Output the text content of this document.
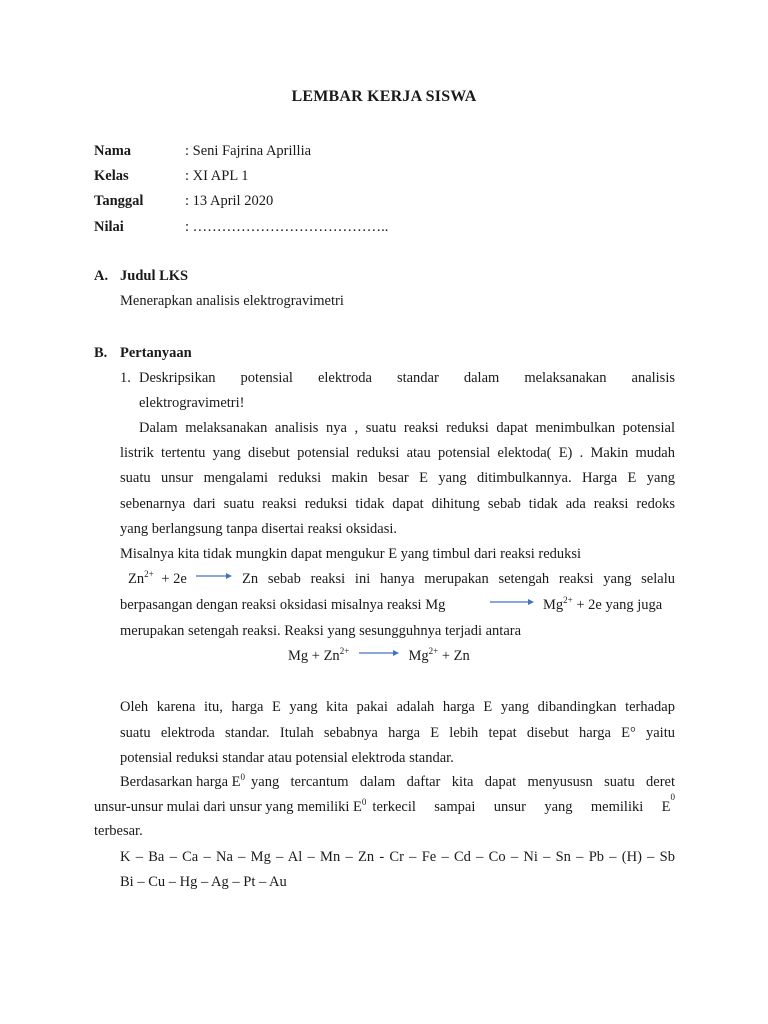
LEMBAR KERJA SISWA
Nama	: Seni Fajrina Aprillia
Kelas	: XI APL 1
Tanggal	: 13 April 2020
Nilai	: …………………………………..
A. Judul LKS
Menerapkan analisis elektrogravimetri
B. Pertanyaan
1. Deskripsikan potensial elektroda standar dalam melaksanakan analisis
elektrogravimetri!
Dalam melaksanakan analisis nya , suatu reaksi reduksi dapat menimbulkan potensial
listrik tertentu yang disebut potensial reduksi atau potensial elektoda( E) . Makin mudah
suatu unsur mengalami reduksi makin besar E yang ditimbulkannya. Harga E yang
sebenarnya dari suatu reaksi reduksi tidak dapat dihitung sebab tidak ada reaksi redoks
yang berlangsung tanpa disertai reaksi oksidasi.
Misalnya kita tidak mungkin dapat mengukur E yang timbul dari reaksi reduksi
$Zn^{2+} + 2e \to Zn$ sebab reaksi ini hanya merupakan setengah reaksi yang selalu
berpasangan dengan reaksi oksidasi misalnya reaksi Mg	$Mg^{2+} + 2e$ yang juga
merupakan setengah reaksi. Reaksi yang sesungguhnya terjadi antara
$Mg + Zn^{2+} \to Mg^{2+} + Zn$
Oleh karena itu, harga E yang kita pakai adalah harga E yang dibandingkan terhadap
suatu elektroda standar. Itulah sebabnya harga E lebih tepat disebut harga E° yaitu
potensial reduksi standar atau potensial elektroda standar.
Berdasarkan harga $E^0$ yang tercantum dalam daftar kita dapat menyususn suatu deret
unsur-unsur mulai dari unsur yang memiliki $E^0$ terkecil sampai unsur yang memiliki E
0
terbesar.
K – Ba – Ca – Na – Mg – Al – Mn – Zn - Cr – Fe – Cd – Co – Ni – Sn – Pb – (H) – Sb
Bi – Cu – Hg – Ag – Pt – Au
